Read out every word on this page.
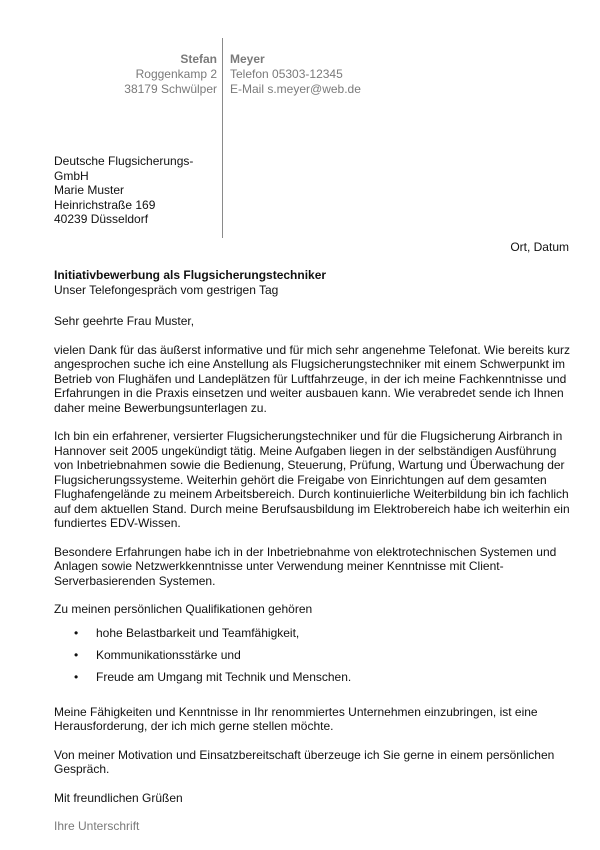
Stefan
Roggenkamp 2
38179 Schwülper
Meyer
Telefon 05303-12345
E-Mail s.meyer@web.de
Deutsche Flugsicherungs-
GmbH
Marie Muster
Heinrichstraße 169
40239 Düsseldorf
Ort, Datum
Initiativbewerbung als Flugsicherungstechniker
Unser Telefongespräch vom gestrigen Tag

Sehr geehrte Frau Muster,

vielen Dank für das äußerst informative und für mich sehr angenehme Telefonat. Wie bereits kurz angesprochen suche ich eine Anstellung als Flugsicherungstechniker mit einem Schwerpunkt im Betrieb von Flughäfen und Landeplätzen für Luftfahrzeuge, in der ich meine Fachkenntnisse und Erfahrungen in die Praxis einsetzen und weiter ausbauen kann. Wie verabredet sende ich Ihnen daher meine Bewerbungsunterlagen zu.

Ich bin ein erfahrener, versierter Flugsicherungstechniker und für die Flugsicherung Airbranch in Hannover seit 2005 ungekündigt tätig. Meine Aufgaben liegen in der selbständigen Ausführung von Inbetriebnahmen sowie die Bedienung, Steuerung, Prüfung, Wartung und Überwachung der Flugsicherungssysteme. Weiterhin gehört die Freigabe von Einrichtungen auf dem gesamten Flughafengelände zu meinem Arbeitsbereich. Durch kontinuierliche Weiterbildung bin ich fachlich auf dem aktuellen Stand. Durch meine Berufsausbildung im Elektrobereich habe ich weiterhin ein fundiertes EDV-Wissen.

Besondere Erfahrungen habe ich in der Inbetriebnahme von elektrotechnischen Systemen und Anlagen sowie Netzwerkkenntnisse unter Verwendung meiner Kenntnisse mit Client-Serverbasierenden Systemen.

Zu meinen persönlichen Qualifikationen gehören

• hohe Belastbarkeit und Teamfähigkeit,
• Kommunikationsstärke und
• Freude am Umgang mit Technik und Menschen.

Meine Fähigkeiten und Kenntnisse in Ihr renommiertes Unternehmen einzubringen, ist eine Herausforderung, der ich mich gerne stellen möchte.

Von meiner Motivation und Einsatzbereitschaft überzeuge ich Sie gerne in einem persönlichen Gespräch.

Mit freundlichen Grüßen

Ihre Unterschrift
